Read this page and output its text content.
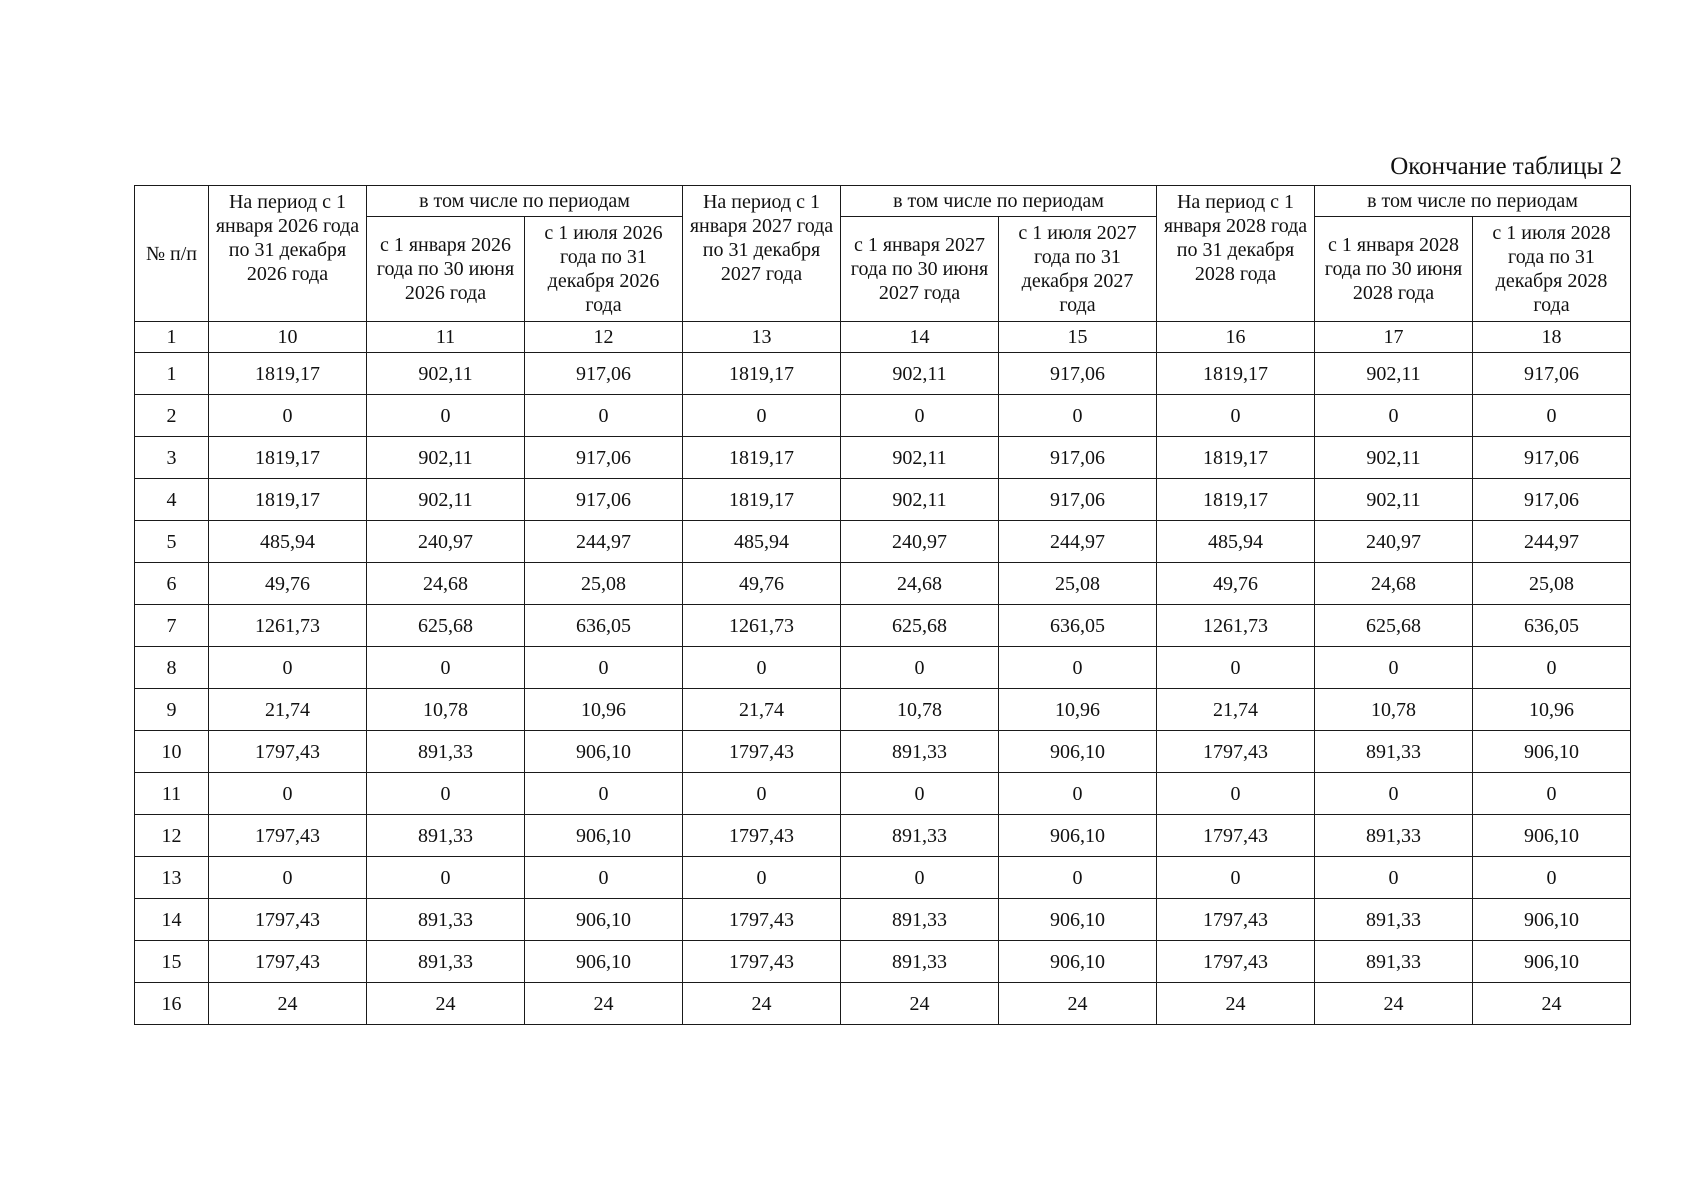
Окончание таблицы 2
№ п/п	На период с 1 января 2026 года по 31 декабря 2026 года	в том числе по периодам		На период с 1 января 2027 года по 31 декабря 2027 года	в том числе по периодам		На период с 1 января 2028 года по 31 декабря 2028 года	в том числе по периодам	

		с 1 января 2026 года по 30 июня 2026 года	с 1 июля 2026 года по 31 декабря 2026 года		с 1 января 2027 года по 30 июня 2027 года	с 1 июля 2027 года по 31 декабря 2027 года		с 1 января 2028 года по 30 июня 2028 года	с 1 июля 2028 года по 31 декабря 2028 года

1	10	11	12	13	14	15	16	17	18
1	1819,17	902,11	917,06	1819,17	902,11	917,06	1819,17	902,11	917,06
2	0	0	0	0	0	0	0	0	0
3	1819,17	902,11	917,06	1819,17	902,11	917,06	1819,17	902,11	917,06
4	1819,17	902,11	917,06	1819,17	902,11	917,06	1819,17	902,11	917,06
5	485,94	240,97	244,97	485,94	240,97	244,97	485,94	240,97	244,97
6	49,76	24,68	25,08	49,76	24,68	25,08	49,76	24,68	25,08
7	1261,73	625,68	636,05	1261,73	625,68	636,05	1261,73	625,68	636,05
8	0	0	0	0	0	0	0	0	0
9	21,74	10,78	10,96	21,74	10,78	10,96	21,74	10,78	10,96
10	1797,43	891,33	906,10	1797,43	891,33	906,10	1797,43	891,33	906,10
11	0	0	0	0	0	0	0	0	0
12	1797,43	891,33	906,10	1797,43	891,33	906,10	1797,43	891,33	906,10
13	0	0	0	0	0	0	0	0	0
14	1797,43	891,33	906,10	1797,43	891,33	906,10	1797,43	891,33	906,10
15	1797,43	891,33	906,10	1797,43	891,33	906,10	1797,43	891,33	906,10
16	24	24	24	24	24	24	24	24	24
